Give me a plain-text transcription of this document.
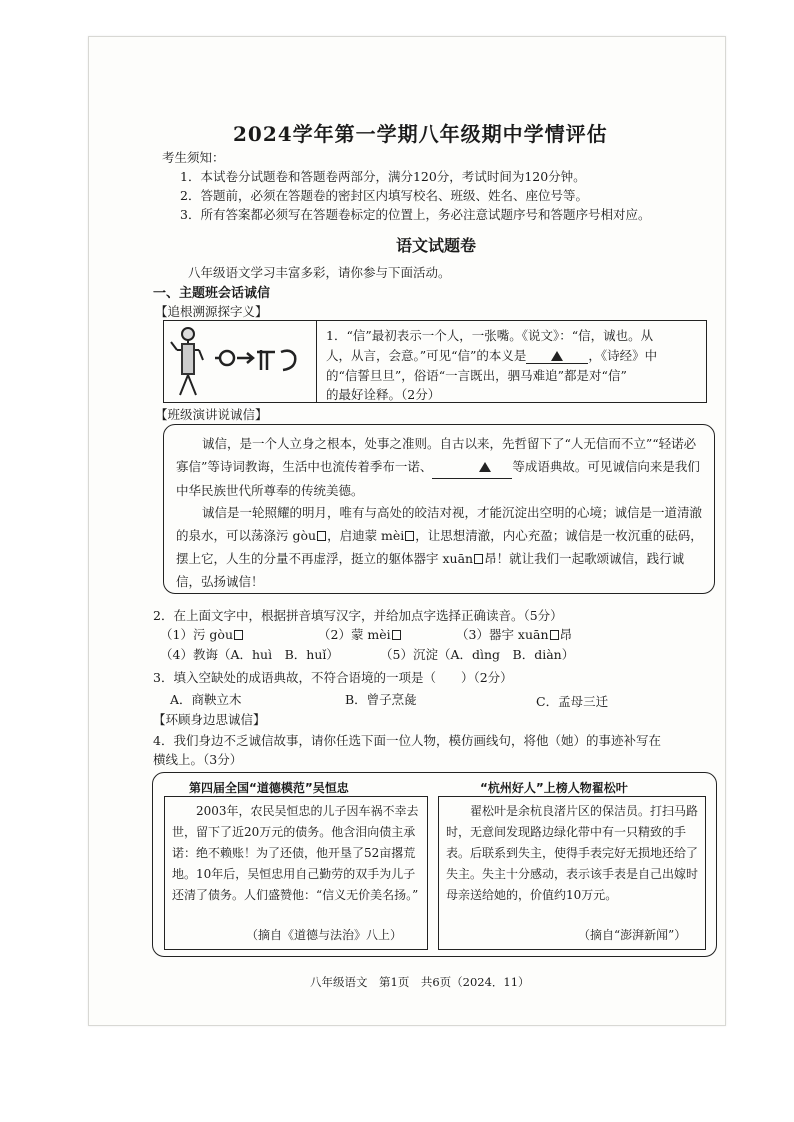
2024学年第一学期八年级期中学情评估
考生须知：
1．本试卷分试题卷和答题卷两部分，满分120分，考试时间为120分钟。
2．答题前，必须在答题卷的密封区内填写校名、班级、姓名、座位号等。
3．所有答案都必须写在答题卷标定的位置上，务必注意试题序号和答题序号相对应。
语文试题卷
八年级语文学习丰富多彩，请你参与下面活动。
一、主题班会话诚信
【追根溯源探字义】
1．“信”最初表示一个人，一张嘴。《说文》：“信，诚也。从
人，从言，会意。”可见“信”的本义是	，《诗经》中
的“信誓旦旦”，俗语“一言既出，驷马难追”都是对“信”
的最好诠释。（2分）
【班级演讲说诚信】
诚信，是一个人立身之根本，处事之准则。自古以来，先哲留下了“人无信而不立”“轻诺必寡信”等诗词教诲，生活中也流传着季布一诺、	等成语典故。可见诚信向来是我们中华民族世代所尊奉的传统美德。
诚信是一轮照耀的明月，唯有与高处的皎洁对视，才能沉淀出空明的心境；诚信是一道清澈的泉水，可以荡涤污 gòu ，启迪蒙 mèi ，让思想清澈，内心充盈；诚信是一枚沉重的砝码，摆上它，人生的分量不再虚浮，挺立的躯体器宇 xuān 昂！就让我们一起歌颂诚信，践行诚信，弘扬诚信！
2．在上面文字中，根据拼音填写汉字，并给加点字选择正确读音。（5分）
（1）污 gòu	（2）蒙 mèi	（3）器宇 xuān 昂
（4）教诲（A．huì　B．huǐ）	（5）沉淀（A．dìng　B．diàn）
3．填入空缺处的成语典故，不符合语境的一项是（　　）（2分）
A．商鞅立木	B．曾子烹彘	C．孟母三迁
【环顾身边思诚信】
4．我们身边不乏诚信故事，请你任选下面一位人物，模仿画线句，将他（她）的事迹补写在
横线上。（3分）
第四届全国“道德模范”吴恒忠
2003年，农民吴恒忠的儿子因车祸不幸去世，留下了近20万元的债务。他含泪向债主承诺：绝不赖账！为了还债，他开垦了52亩撂荒地。10年后，吴恒忠用自己勤劳的双手为儿子还清了债务。人们盛赞他：“信义无价美名扬。”
（摘自《道德与法治》八上）
“杭州好人”上榜人物翟松叶
翟松叶是余杭良渚片区的保洁员。打扫马路时，无意间发现路边绿化带中有一只精致的手表。后联系到失主，使得手表完好无损地还给了失主。失主十分感动，表示该手表是自己出嫁时母亲送给她的，价值约10万元。
（摘自“澎湃新闻”）
八年级语文　第1页　共6页（2024．11）
